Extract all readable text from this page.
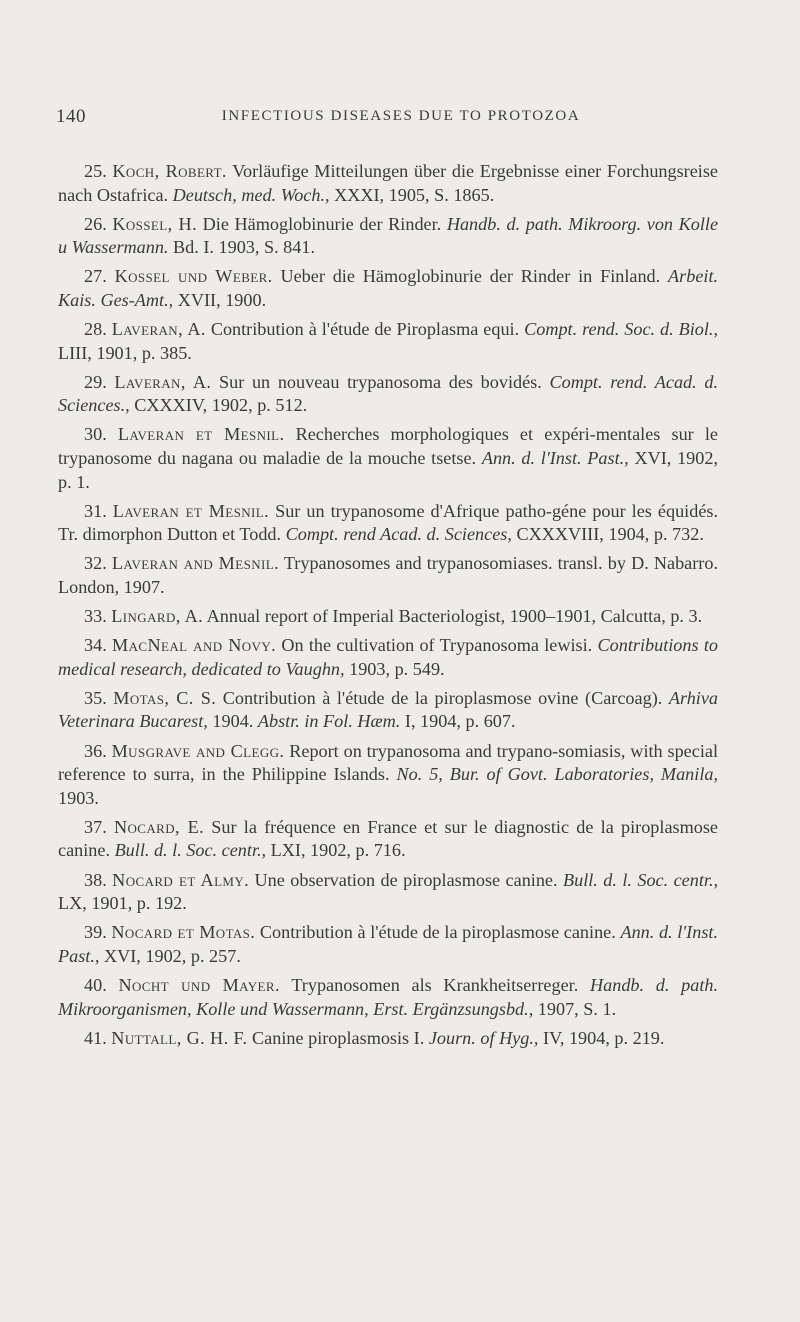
140	INFECTIOUS DISEASES DUE TO PROTOZOA

25. Koch, Robert. Vorläufige Mitteilungen über die Ergebnisse einer Forchungsreise nach Ostafrica. Deutsch, med. Woch., XXXI, 1905, S. 1865.

26. Kossel, H. Die Hämoglobinurie der Rinder. Handb. d. path. Mikroorg. von Kolle u Wassermann. Bd. I. 1903, S. 841.

27. Kossel und Weber. Ueber die Hämoglobinurie der Rinder in Finland. Arbeit. Kais. Ges-Amt., XVII, 1900.

28. Laveran, A. Contribution à l'étude de Piroplasma equi. Compt. rend. Soc. d. Biol., LIII, 1901, p. 385.

29. Laveran, A. Sur un nouveau trypanosoma des bovidés. Compt. rend. Acad. d. Sciences., CXXXIV, 1902, p. 512.

30. Laveran et Mesnil. Recherches morphologiques et expéri-mentales sur le trypanosome du nagana ou maladie de la mouche tsetse. Ann. d. l'Inst. Past., XVI, 1902, p. 1.

31. Laveran et Mesnil. Sur un trypanosome d'Afrique patho-géne pour les équidés. Tr. dimorphon Dutton et Todd. Compt. rend Acad. d. Sciences, CXXXVIII, 1904, p. 732.

32. Laveran and Mesnil. Trypanosomes and trypanosomiases. transl. by D. Nabarro. London, 1907.

33. Lingard, A. Annual report of Imperial Bacteriologist, 1900–1901, Calcutta, p. 3.

34. MacNeal and Novy. On the cultivation of Trypanosoma lewisi. Contributions to medical research, dedicated to Vaughn, 1903, p. 549.

35. Motas, C. S. Contribution à l'étude de la piroplasmose ovine (Carcoag). Arhiva Veterinara Bucarest, 1904. Abstr. in Fol. Hæm. I, 1904, p. 607.

36. Musgrave and Clegg. Report on trypanosoma and trypano-somiasis, with special reference to surra, in the Philippine Islands. No. 5, Bur. of Govt. Laboratories, Manila, 1903.

37. Nocard, E. Sur la fréquence en France et sur le diagnostic de la piroplasmose canine. Bull. d. l. Soc. centr., LXI, 1902, p. 716.

38. Nocard et Almy. Une observation de piroplasmose canine. Bull. d. l. Soc. centr., LX, 1901, p. 192.

39. Nocard et Motas. Contribution à l'étude de la piroplasmose canine. Ann. d. l'Inst. Past., XVI, 1902, p. 257.

40. Nocht und Mayer. Trypanosomen als Krankheitserreger. Handb. d. path. Mikroorganismen, Kolle und Wassermann, Erst. Ergänzsungsbd., 1907, S. 1.

41. Nuttall, G. H. F. Canine piroplasmosis I. Journ. of Hyg., IV, 1904, p. 219.
